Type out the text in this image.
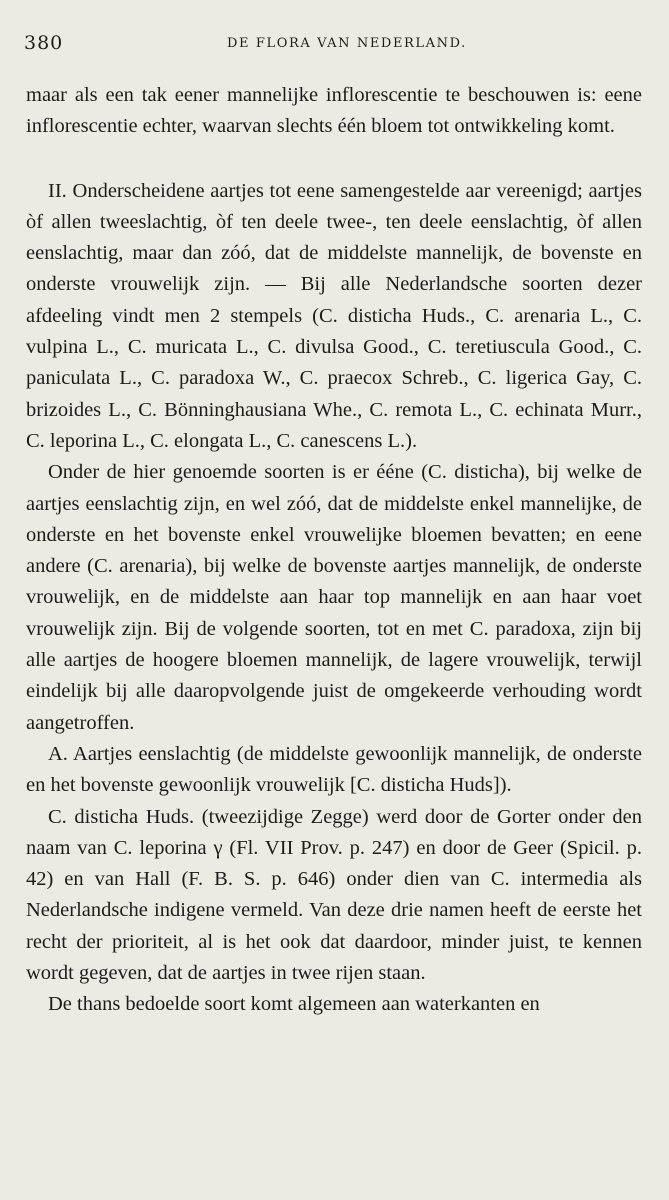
380	DE FLORA VAN NEDERLAND.

maar als een tak eener mannelijke inflorescentie te beschouwen is: eene inflorescentie echter, waarvan slechts één bloem tot ontwikkeling komt.

II. Onderscheidene aartjes tot eene samengestelde aar vereenigd; aartjes òf allen tweeslachtig, òf ten deele twee-, ten deele eenslachtig, òf allen eenslachtig, maar dan zóó, dat de middelste mannelijk, de bovenste en onderste vrouwelijk zijn. — Bij alle Nederlandsche soorten dezer afdeeling vindt men 2 stempels (C. disticha Huds., C. arenaria L., C. vulpina L., C. muricata L., C. divulsa Good., C. teretiuscula Good., C. paniculata L., C. paradoxa W., C. praecox Schreb., C. ligerica Gay, C. brizoides L., C. Bönninghausiana Whe., C. remota L., C. echinata Murr., C. leporina L., C. elongata L., C. canescens L.).

Onder de hier genoemde soorten is er ééne (C. disticha), bij welke de aartjes eenslachtig zijn, en wel zóó, dat de middelste enkel mannelijke, de onderste en het bovenste enkel vrouwelijke bloemen bevatten; en eene andere (C. arenaria), bij welke de bovenste aartjes mannelijk, de onderste vrouwelijk, en de middelste aan haar top mannelijk en aan haar voet vrouwelijk zijn. Bij de volgende soorten, tot en met C. paradoxa, zijn bij alle aartjes de hoogere bloemen mannelijk, de lagere vrouwelijk, terwijl eindelijk bij alle daaropvolgende juist de omgekeerde verhouding wordt aangetroffen.

A. Aartjes eenslachtig (de middelste gewoonlijk mannelijk, de onderste en het bovenste gewoonlijk vrouwelijk [C. disticha Huds]).

C. disticha Huds. (tweezijdige Zegge) werd door de Gorter onder den naam van C. leporina γ (Fl. VII Prov. p. 247) en door de Geer (Spicil. p. 42) en van Hall (F. B. S. p. 646) onder dien van C. intermedia als Nederlandsche indigene vermeld. Van deze drie namen heeft de eerste het recht der prioriteit, al is het ook dat daardoor, minder juist, te kennen wordt gegeven, dat de aartjes in twee rijen staan.

De thans bedoelde soort komt algemeen aan waterkanten en
